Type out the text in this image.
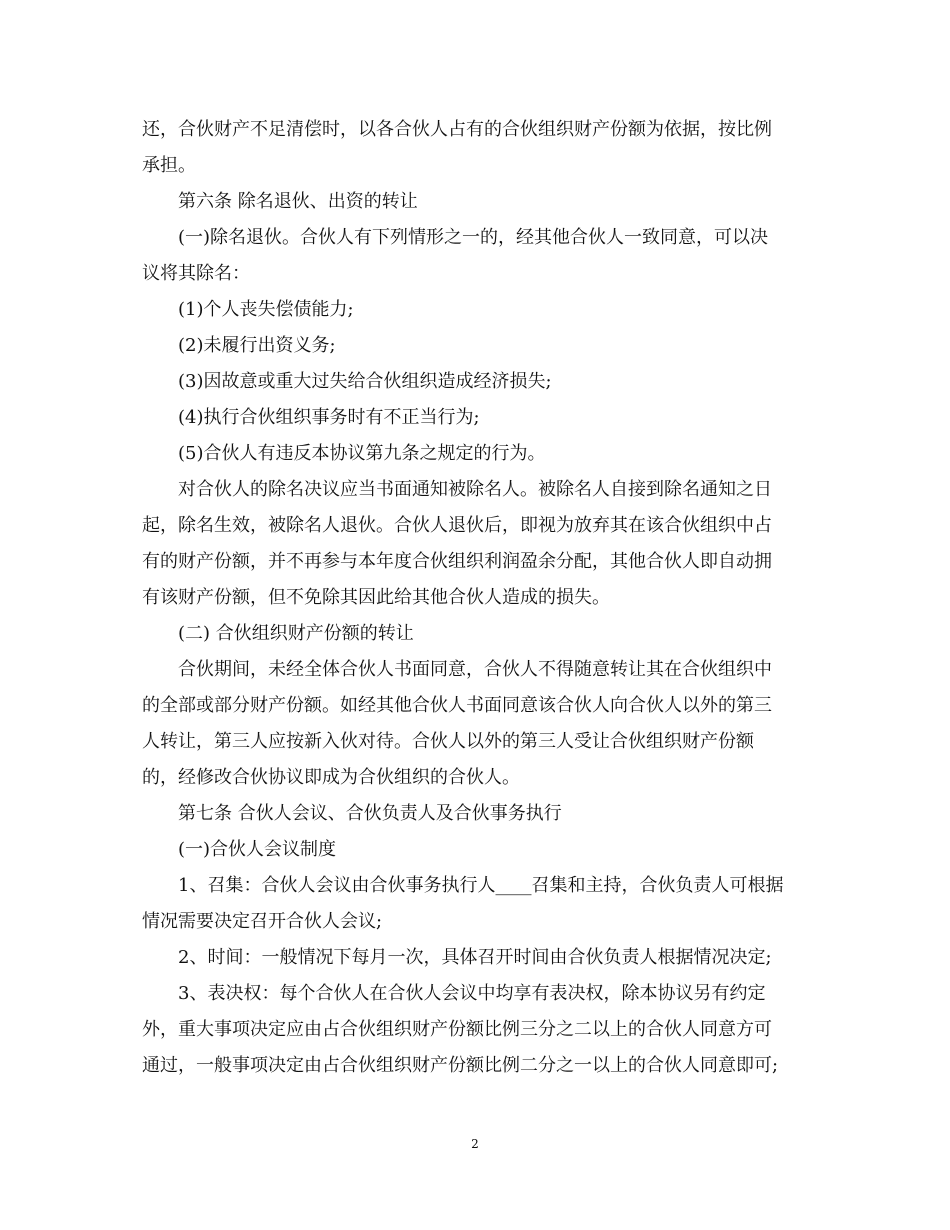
还，合伙财产不足清偿时，以各合伙人占有的合伙组织财产份额为依据，按比例

承担。

第六条 除名退伙、出资的转让

(一)除名退伙。合伙人有下列情形之一的，经其他合伙人一致同意，可以决

议将其除名：

(1)个人丧失偿债能力;

(2)未履行出资义务;

(3)因故意或重大过失给合伙组织造成经济损失;

(4)执行合伙组织事务时有不正当行为;

(5)合伙人有违反本协议第九条之规定的行为。

对合伙人的除名决议应当书面通知被除名人。被除名人自接到除名通知之日

起，除名生效，被除名人退伙。合伙人退伙后，即视为放弃其在该合伙组织中占

有的财产份额，并不再参与本年度合伙组织利润盈余分配，其他合伙人即自动拥

有该财产份额，但不免除其因此给其他合伙人造成的损失。

(二) 合伙组织财产份额的转让

合伙期间，未经全体合伙人书面同意，合伙人不得随意转让其在合伙组织中

的全部或部分财产份额。如经其他合伙人书面同意该合伙人向合伙人以外的第三

人转让，第三人应按新入伙对待。合伙人以外的第三人受让合伙组织财产份额

的，经修改合伙协议即成为合伙组织的合伙人。

第七条 合伙人会议、合伙负责人及合伙事务执行

(一)合伙人会议制度

1、召集：合伙人会议由合伙事务执行人____召集和主持，合伙负责人可根据

情况需要决定召开合伙人会议;

2、时间：一般情况下每月一次，具体召开时间由合伙负责人根据情况决定;

3、表决权：每个合伙人在合伙人会议中均享有表决权，除本协议另有约定

外，重大事项决定应由占合伙组织财产份额比例三分之二以上的合伙人同意方可

通过，一般事项决定由占合伙组织财产份额比例二分之一以上的合伙人同意即可;

2
